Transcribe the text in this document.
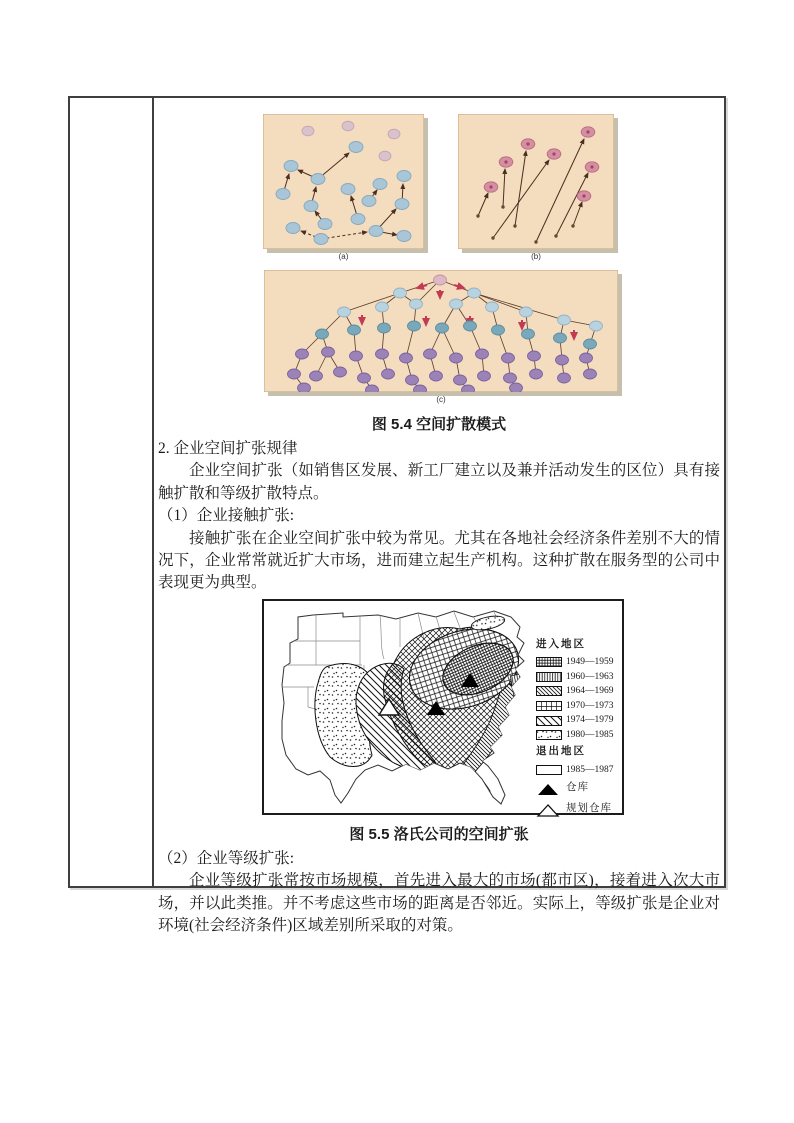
(a)	(b)
(c)
图 5.4 空间扩散模式

2. 企业空间扩张规律

企业空间扩张（如销售区发展、新工厂建立以及兼并活动发生的区位）具有接触扩散和等级扩散特点。

（1）企业接触扩张:

接触扩张在企业空间扩张中较为常见。尤其在各地社会经济条件差别不大的情况下，企业常常就近扩大市场，进而建立起生产机构。这种扩散在服务型的公司中表现更为典型。

进入地区
1949—1959
1960—1963
1964—1969
1970—1973
1974—1979
1980—1985
退出地区
1985—1987
仓库
规划仓库
图 5.5 洛氏公司的空间扩张

（2）企业等级扩张:

企业等级扩张常按市场规模，首先进入最大的市场(都市区)，接着进入次大市场，并以此类推。并不考虑这些市场的距离是否邻近。实际上，等级扩张是企业对环境(社会经济条件)区域差别所采取的对策。
